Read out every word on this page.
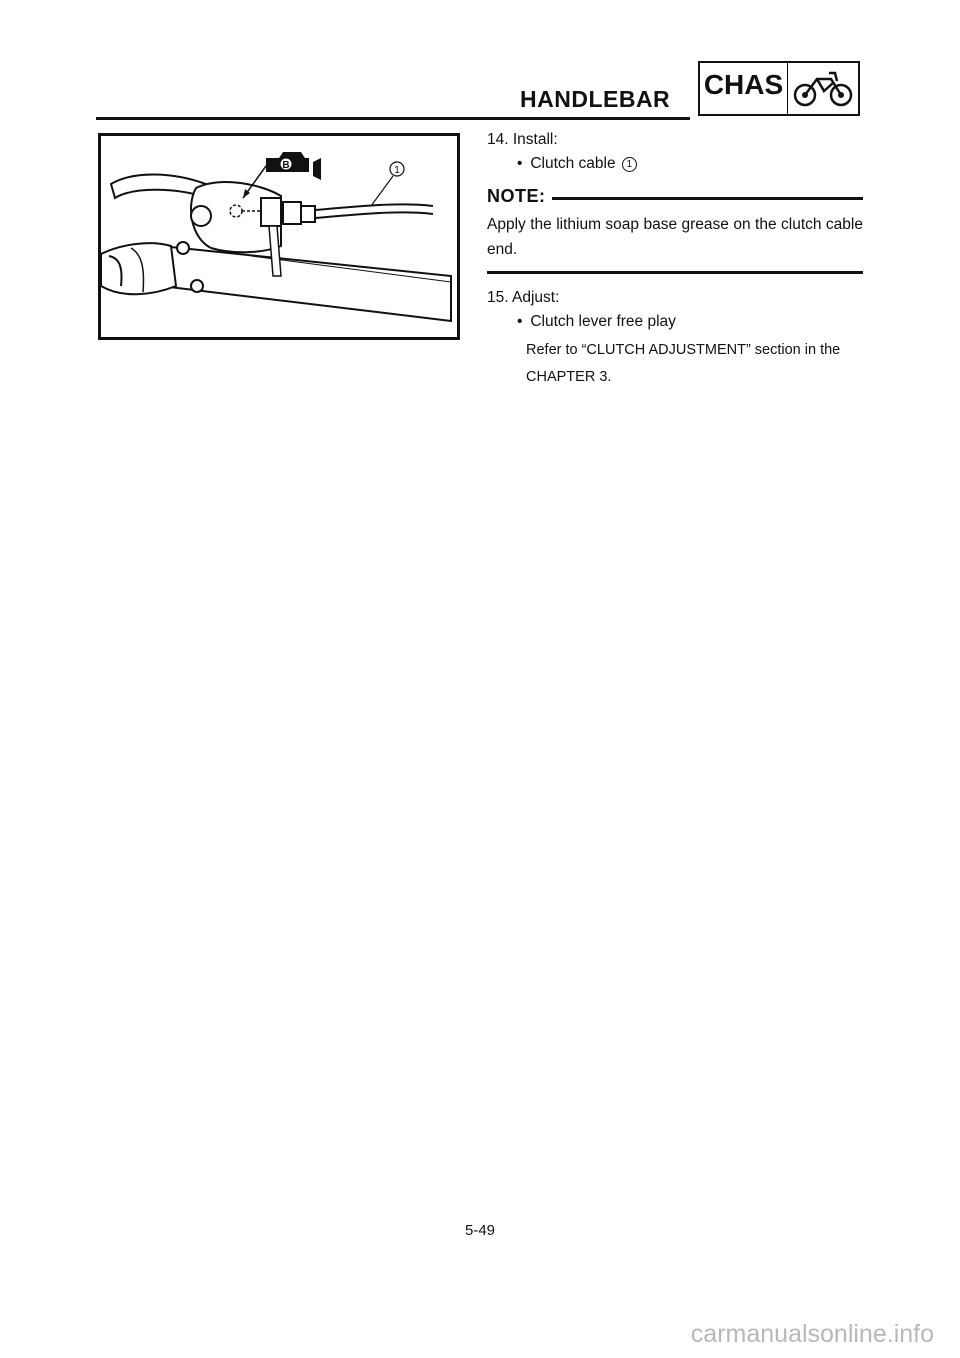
HANDLEBAR CHAS
B	1
14. Install:
• Clutch cable 1
NOTE:
Apply the lithium soap base grease on the clutch cable end.
15. Adjust:
• Clutch lever free play
Refer to “CLUTCH ADJUSTMENT” section in the CHAPTER 3.
5-49
carmanualsonline.info
